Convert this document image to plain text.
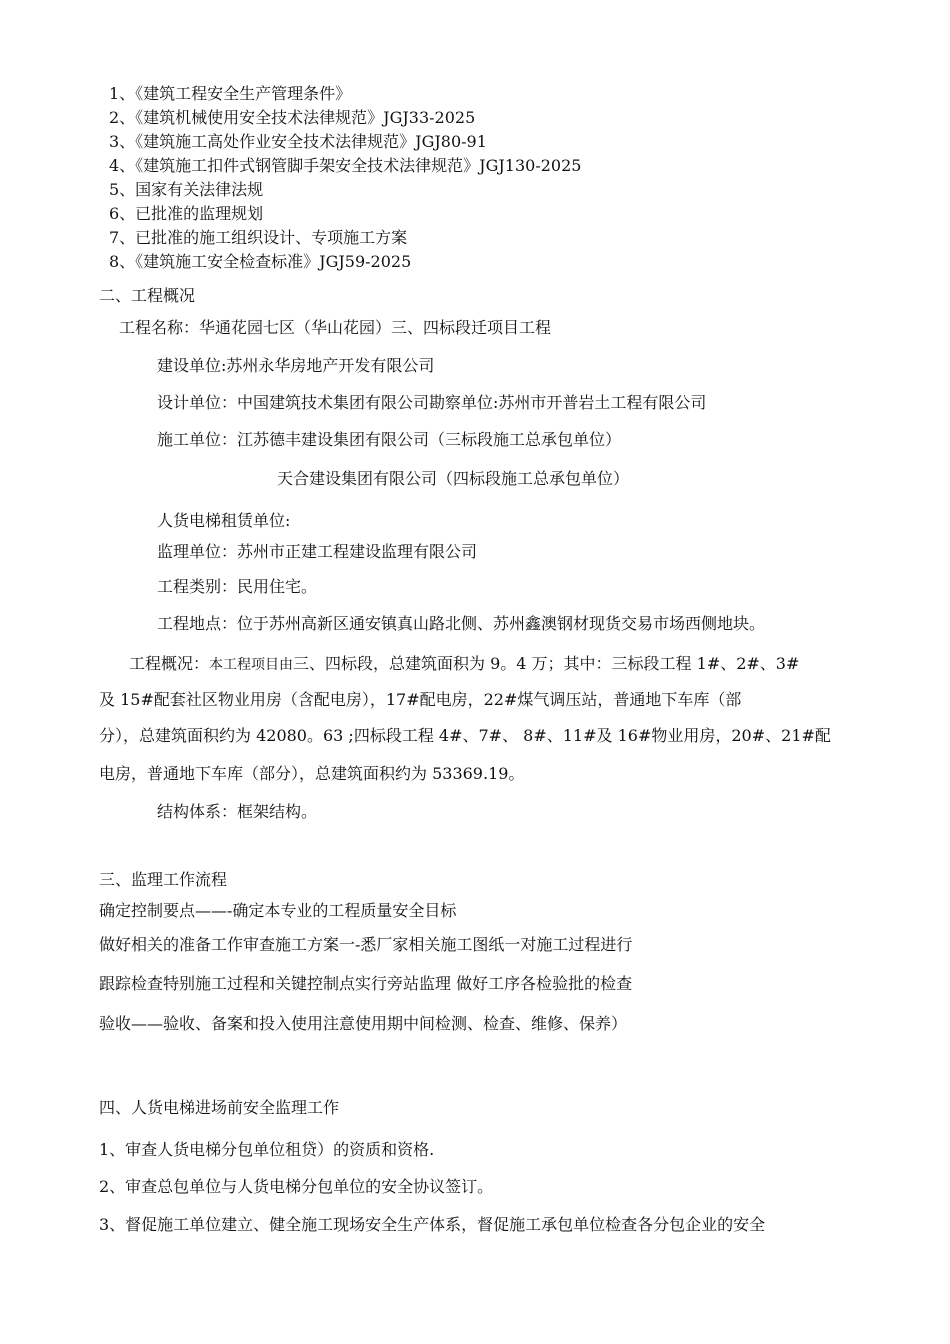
1、《建筑工程安全生产管理条件》
2、《建筑机械使用安全技术法律规范》JGJ33-2025
3、《建筑施工高处作业安全技术法律规范》JGJ80-91
4、《建筑施工扣件式钢管脚手架安全技术法律规范》JGJ130-2025
5、国家有关法律法规
6、已批准的监理规划
7、已批准的施工组织设计、专项施工方案
8、《建筑施工安全检查标准》JGJ59-2025
二、工程概况
工程名称：华通花园七区（华山花园）三、四标段迁项目工程
建设单位:苏州永华房地产开发有限公司
设计单位：中国建筑技术集团有限公司勘察单位:苏州市开普岩土工程有限公司
施工单位：江苏德丰建设集团有限公司（三标段施工总承包单位）
天合建设集团有限公司（四标段施工总承包单位）
人货电梯租赁单位:
监理单位：苏州市正建工程建设监理有限公司
工程类别：民用住宅。
工程地点：位于苏州高新区通安镇真山路北侧、苏州鑫澳钢材现货交易市场西侧地块。
工程概况：本工程项目由三、四标段，总建筑面积为 9。4 万；其中：三标段工程 1#、2#、3#
及 15#配套社区物业用房（含配电房），17#配电房，22#煤气调压站，普通地下车库（部
分），总建筑面积约为 42080。63 ;四标段工程 4#、7#、 8#、11#及 16#物业用房，20#、21#配
电房，普通地下车库（部分），总建筑面积约为 53369.19。
结构体系：框架结构。
三、监理工作流程
确定控制要点——-确定本专业的工程质量安全目标
做好相关的准备工作审查施工方案一-悉厂家相关施工图纸一对施工过程进行
跟踪检查特别施工过程和关键控制点实行旁站监理 做好工序各检验批的检查
验收——验收、备案和投入使用注意使用期中间检测、检查、维修、保养）
四、人货电梯进场前安全监理工作
1、审查人货电梯分包单位租贷）的资质和资格.
2、审查总包单位与人货电梯分包单位的安全协议签订。
3、督促施工单位建立、健全施工现场安全生产体系，督促施工承包单位检查各分包企业的安全
